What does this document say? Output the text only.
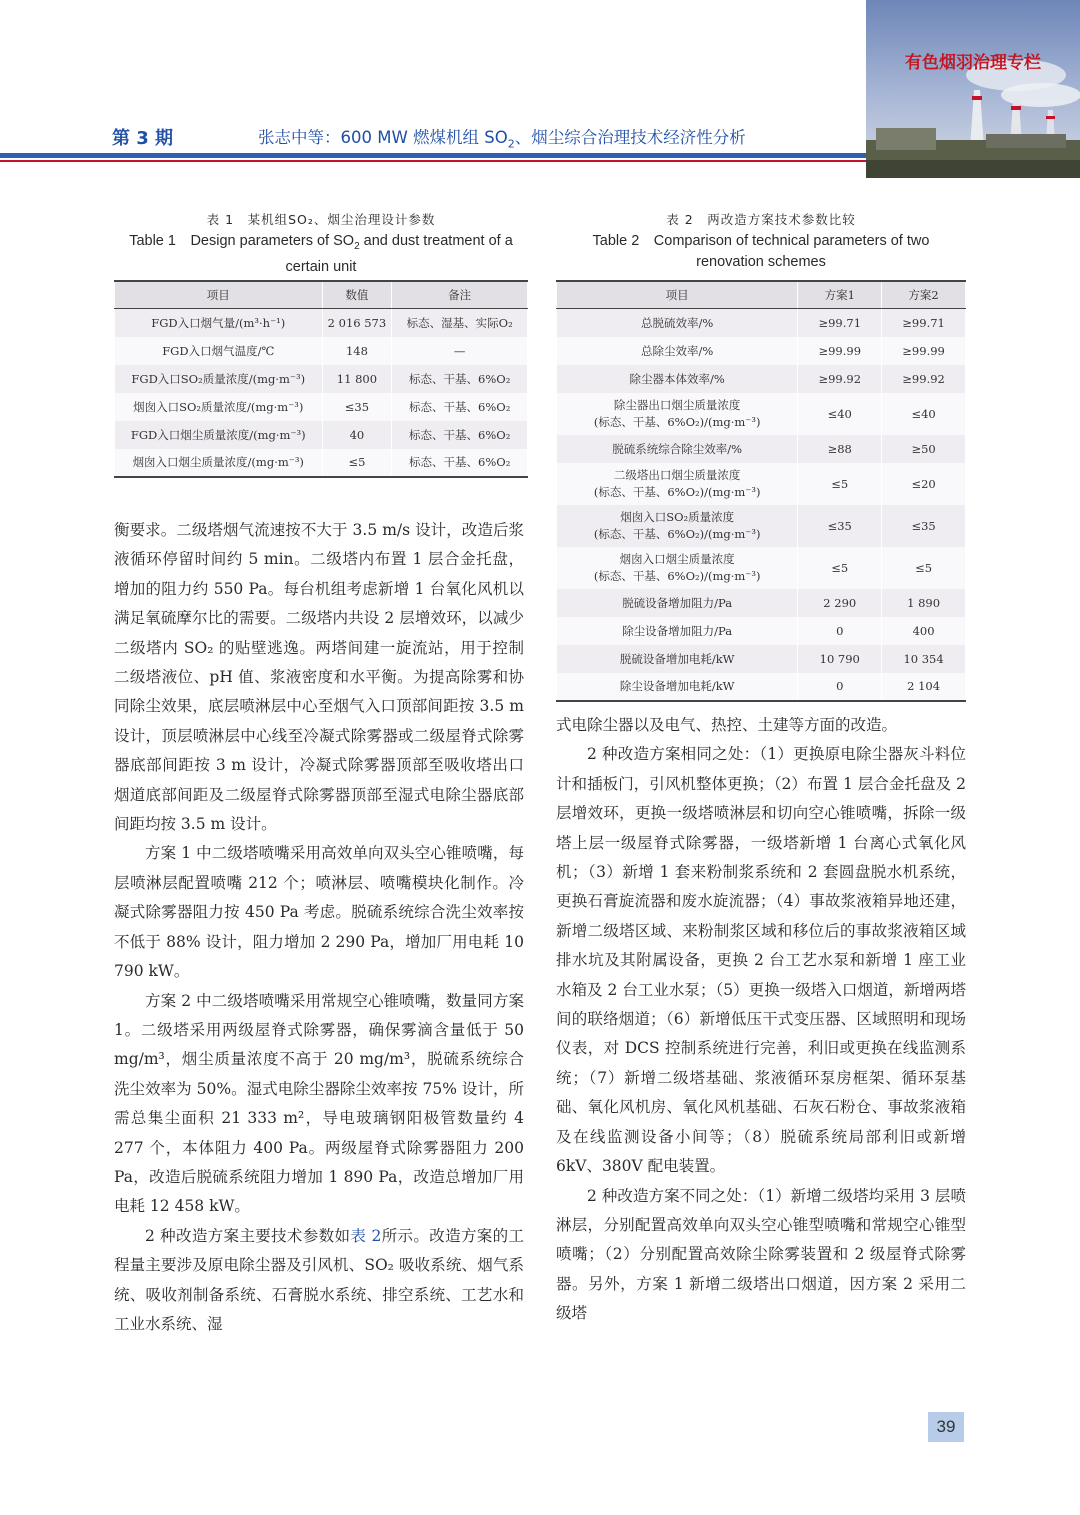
第 3 期	张志中等：600 MW 燃煤机组 $SO_2$、烟尘综合治理技术经济性分析
有色烟羽治理专栏
表 1　某机组SO₂、烟尘治理设计参数
Table 1　Design parameters of $SO_2$ and dust treatment of a certain unit
项目	数值	备注
FGD入口烟气量/(m³·h⁻¹)	2 016 573	标态、湿基、实际O₂
FGD入口烟气温度/℃	148	—
FGD入口SO₂质量浓度/(mg·m⁻³)	11 800	标态、干基、6%O₂
烟囱入口SO₂质量浓度/(mg·m⁻³)	≤35	标态、干基、6%O₂
FGD入口烟尘质量浓度/(mg·m⁻³)	40	标态、干基、6%O₂
烟囱入口烟尘质量浓度/(mg·m⁻³)	≤5	标态、干基、6%O₂
表 2　两改造方案技术参数比较
Table 2　Comparison of technical parameters of two renovation schemes
项目	方案1	方案2
总脱硫效率/%	≥99.71	≥99.71
总除尘效率/%	≥99.99	≥99.99
除尘器本体效率/%	≥99.92	≥99.92
除尘器出口烟尘质量浓度
(标态、干基、6%O₂)/(mg·m⁻³)	≤40	≤40
脱硫系统综合除尘效率/%	≥88	≥50
二级塔出口烟尘质量浓度
(标态、干基、6%O₂)/(mg·m⁻³)	≤5	≤20
烟囱入口SO₂质量浓度
(标态、干基、6%O₂)/(mg·m⁻³)	≤35	≤35
烟囱入口烟尘质量浓度
(标态、干基、6%O₂)/(mg·m⁻³)	≤5	≤5
脱硫设备增加阻力/Pa	2 290	1 890
除尘设备增加阻力/Pa	0	400
脱硫设备增加电耗/kW	10 790	10 354
除尘设备增加电耗/kW	0	2 104

衡要求。二级塔烟气流速按不大于 3.5 m/s 设计，改造后浆液循环停留时间约 5 min。二级塔内布置 1 层合金托盘，增加的阻力约 550 Pa。每台机组考虑新增 1 台氧化风机以满足氧硫摩尔比的需要。二级塔内共设 2 层增效环，以减少二级塔内 SO₂ 的贴壁逃逸。两塔间建一旋流站，用于控制二级塔液位、pH 值、浆液密度和水平衡。为提高除雾和协同除尘效果，底层喷淋层中心至烟气入口顶部间距按 3.5 m 设计，顶层喷淋层中心线至冷凝式除雾器或二级屋脊式除雾器底部间距按 3 m 设计，冷凝式除雾器顶部至吸收塔出口烟道底部间距及二级屋脊式除雾器顶部至湿式电除尘器底部间距均按 3.5 m 设计。

方案 1 中二级塔喷嘴采用高效单向双头空心锥喷嘴，每层喷淋层配置喷嘴 212 个；喷淋层、喷嘴模块化制作。冷凝式除雾器阻力按 450 Pa 考虑。脱硫系统综合洗尘效率按不低于 88% 设计，阻力增加 2 290 Pa，增加厂用电耗 10 790 kW。

方案 2 中二级塔喷嘴采用常规空心锥喷嘴，数量同方案 1。二级塔采用两级屋脊式除雾器，确保雾滴含量低于 50 mg/m³，烟尘质量浓度不高于 20 mg/m³，脱硫系统综合洗尘效率为 50%。湿式电除尘器除尘效率按 75% 设计，所需总集尘面积 21 333 m²，导电玻璃钢阳极管数量约 4 277 个，本体阻力 400 Pa。两级屋脊式除雾器阻力 200 Pa，改造后脱硫系统阻力增加 1 890 Pa，改造总增加厂用电耗 12 458 kW。

2 种改造方案主要技术参数如表 2所示。改造方案的工程量主要涉及原电除尘器及引风机、SO₂ 吸收系统、烟气系统、吸收剂制备系统、石膏脱水系统、排空系统、工艺水和工业水系统、湿

式电除尘器以及电气、热控、土建等方面的改造。

2 种改造方案相同之处：（1）更换原电除尘器灰斗料位计和插板门，引风机整体更换；（2）布置 1 层合金托盘及 2 层增效环，更换一级塔喷淋层和切向空心锥喷嘴，拆除一级塔上层一级屋脊式除雾器，一级塔新增 1 台离心式氧化风机；（3）新增 1 套来粉制浆系统和 2 套圆盘脱水机系统，更换石膏旋流器和废水旋流器；（4）事故浆液箱异地还建，新增二级塔区域、来粉制浆区域和移位后的事故浆液箱区域排水坑及其附属设备，更换 2 台工艺水泵和新增 1 座工业水箱及 2 台工业水泵；（5）更换一级塔入口烟道，新增两塔间的联络烟道；（6）新增低压干式变压器、区域照明和现场仪表，对 DCS 控制系统进行完善，利旧或更换在线监测系统；（7）新增二级塔基础、浆液循环泵房框架、循环泵基础、氧化风机房、氧化风机基础、石灰石粉仓、事故浆液箱及在线监测设备小间等；（8）脱硫系统局部利旧或新增 6kV、380V 配电装置。

2 种改造方案不同之处：（1）新增二级塔均采用 3 层喷淋层，分别配置高效单向双头空心锥型喷嘴和常规空心锥型喷嘴；（2）分别配置高效除尘除雾装置和 2 级屋脊式除雾器。另外，方案 1 新增二级塔出口烟道，因方案 2 采用二级塔

39
